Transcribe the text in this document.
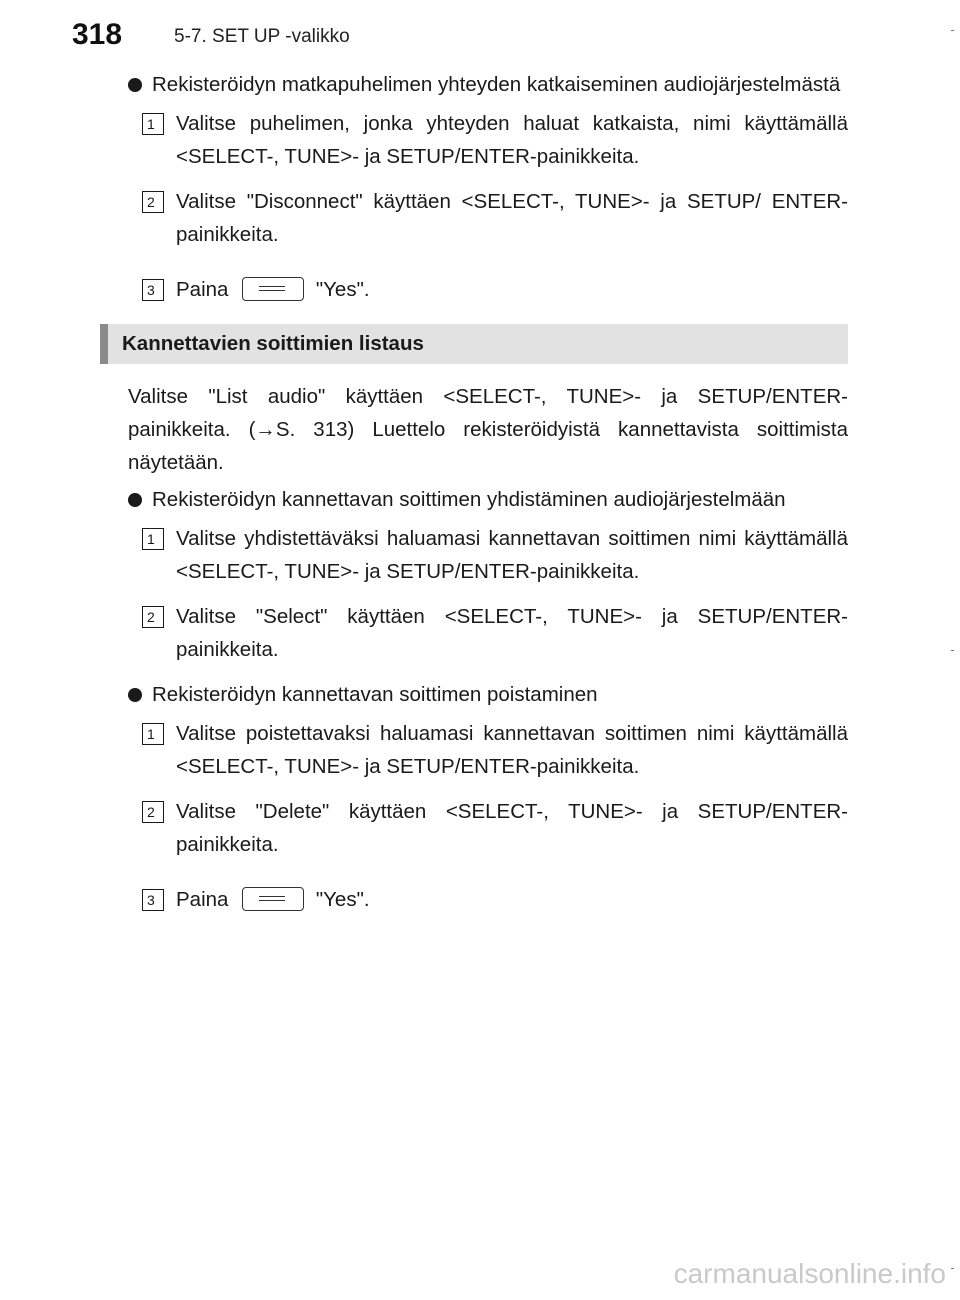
318	5-7. SET UP -valikko
Rekisteröidyn matkapuhelimen yhteyden katkaiseminen audiojärjestelmästä
1	Valitse puhelimen, jonka yhteyden haluat katkaista, nimi käyttämällä <SELECT-, TUNE>- ja SETUP/ENTER-painikkeita.
2	Valitse "Disconnect" käyttäen <SELECT-, TUNE>- ja SETUP/ ENTER-painikkeita.
3	Paina	"Yes".
Kannettavien soittimien listaus
Valitse "List audio" käyttäen <SELECT-, TUNE>- ja SETUP/ENTER-painikkeita. (→S. 313) Luettelo rekisteröidyistä kannettavista soittimista näytetään.
Rekisteröidyn kannettavan soittimen yhdistäminen audiojärjestelmään
1	Valitse yhdistettäväksi haluamasi kannettavan soittimen nimi käyttämällä <SELECT-, TUNE>- ja SETUP/ENTER-painikkeita.
2	Valitse "Select" käyttäen <SELECT-, TUNE>- ja SETUP/ENTER-painikkeita.
Rekisteröidyn kannettavan soittimen poistaminen
1	Valitse poistettavaksi haluamasi kannettavan soittimen nimi käyttämällä <SELECT-, TUNE>- ja SETUP/ENTER-painikkeita.
2	Valitse "Delete" käyttäen <SELECT-, TUNE>- ja SETUP/ENTER-painikkeita.
3	Paina	"Yes".
carmanualsonline.info
